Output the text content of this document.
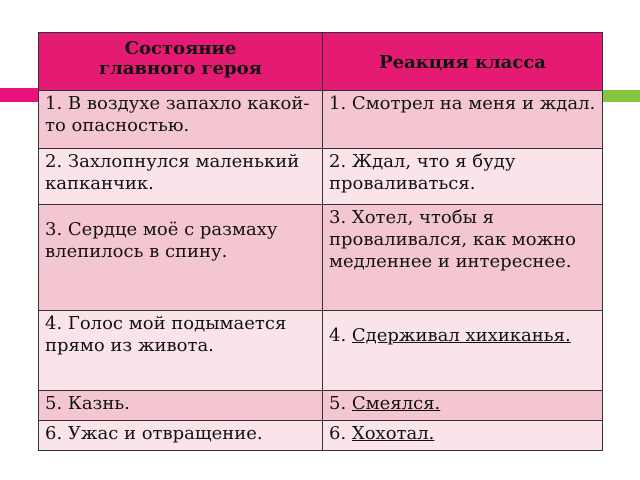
Состояние
главного героя	Реакция класса
1. В воздухе запахло какой-то опасностью.	1. Смотрел на меня и ждал.
2. Захлопнулся маленький капканчик.	2. Ждал, что я буду проваливаться.
3. Сердце моё с размаху влепилось в спину.	3. Хотел, чтобы я проваливался, как можно медленнее и интереснее.
4. Голос мой подымается прямо из живота.	4. Сдерживал хихиканья.
5. Казнь.	5. Смеялся.
6. Ужас и отвращение.	6. Хохотал.
